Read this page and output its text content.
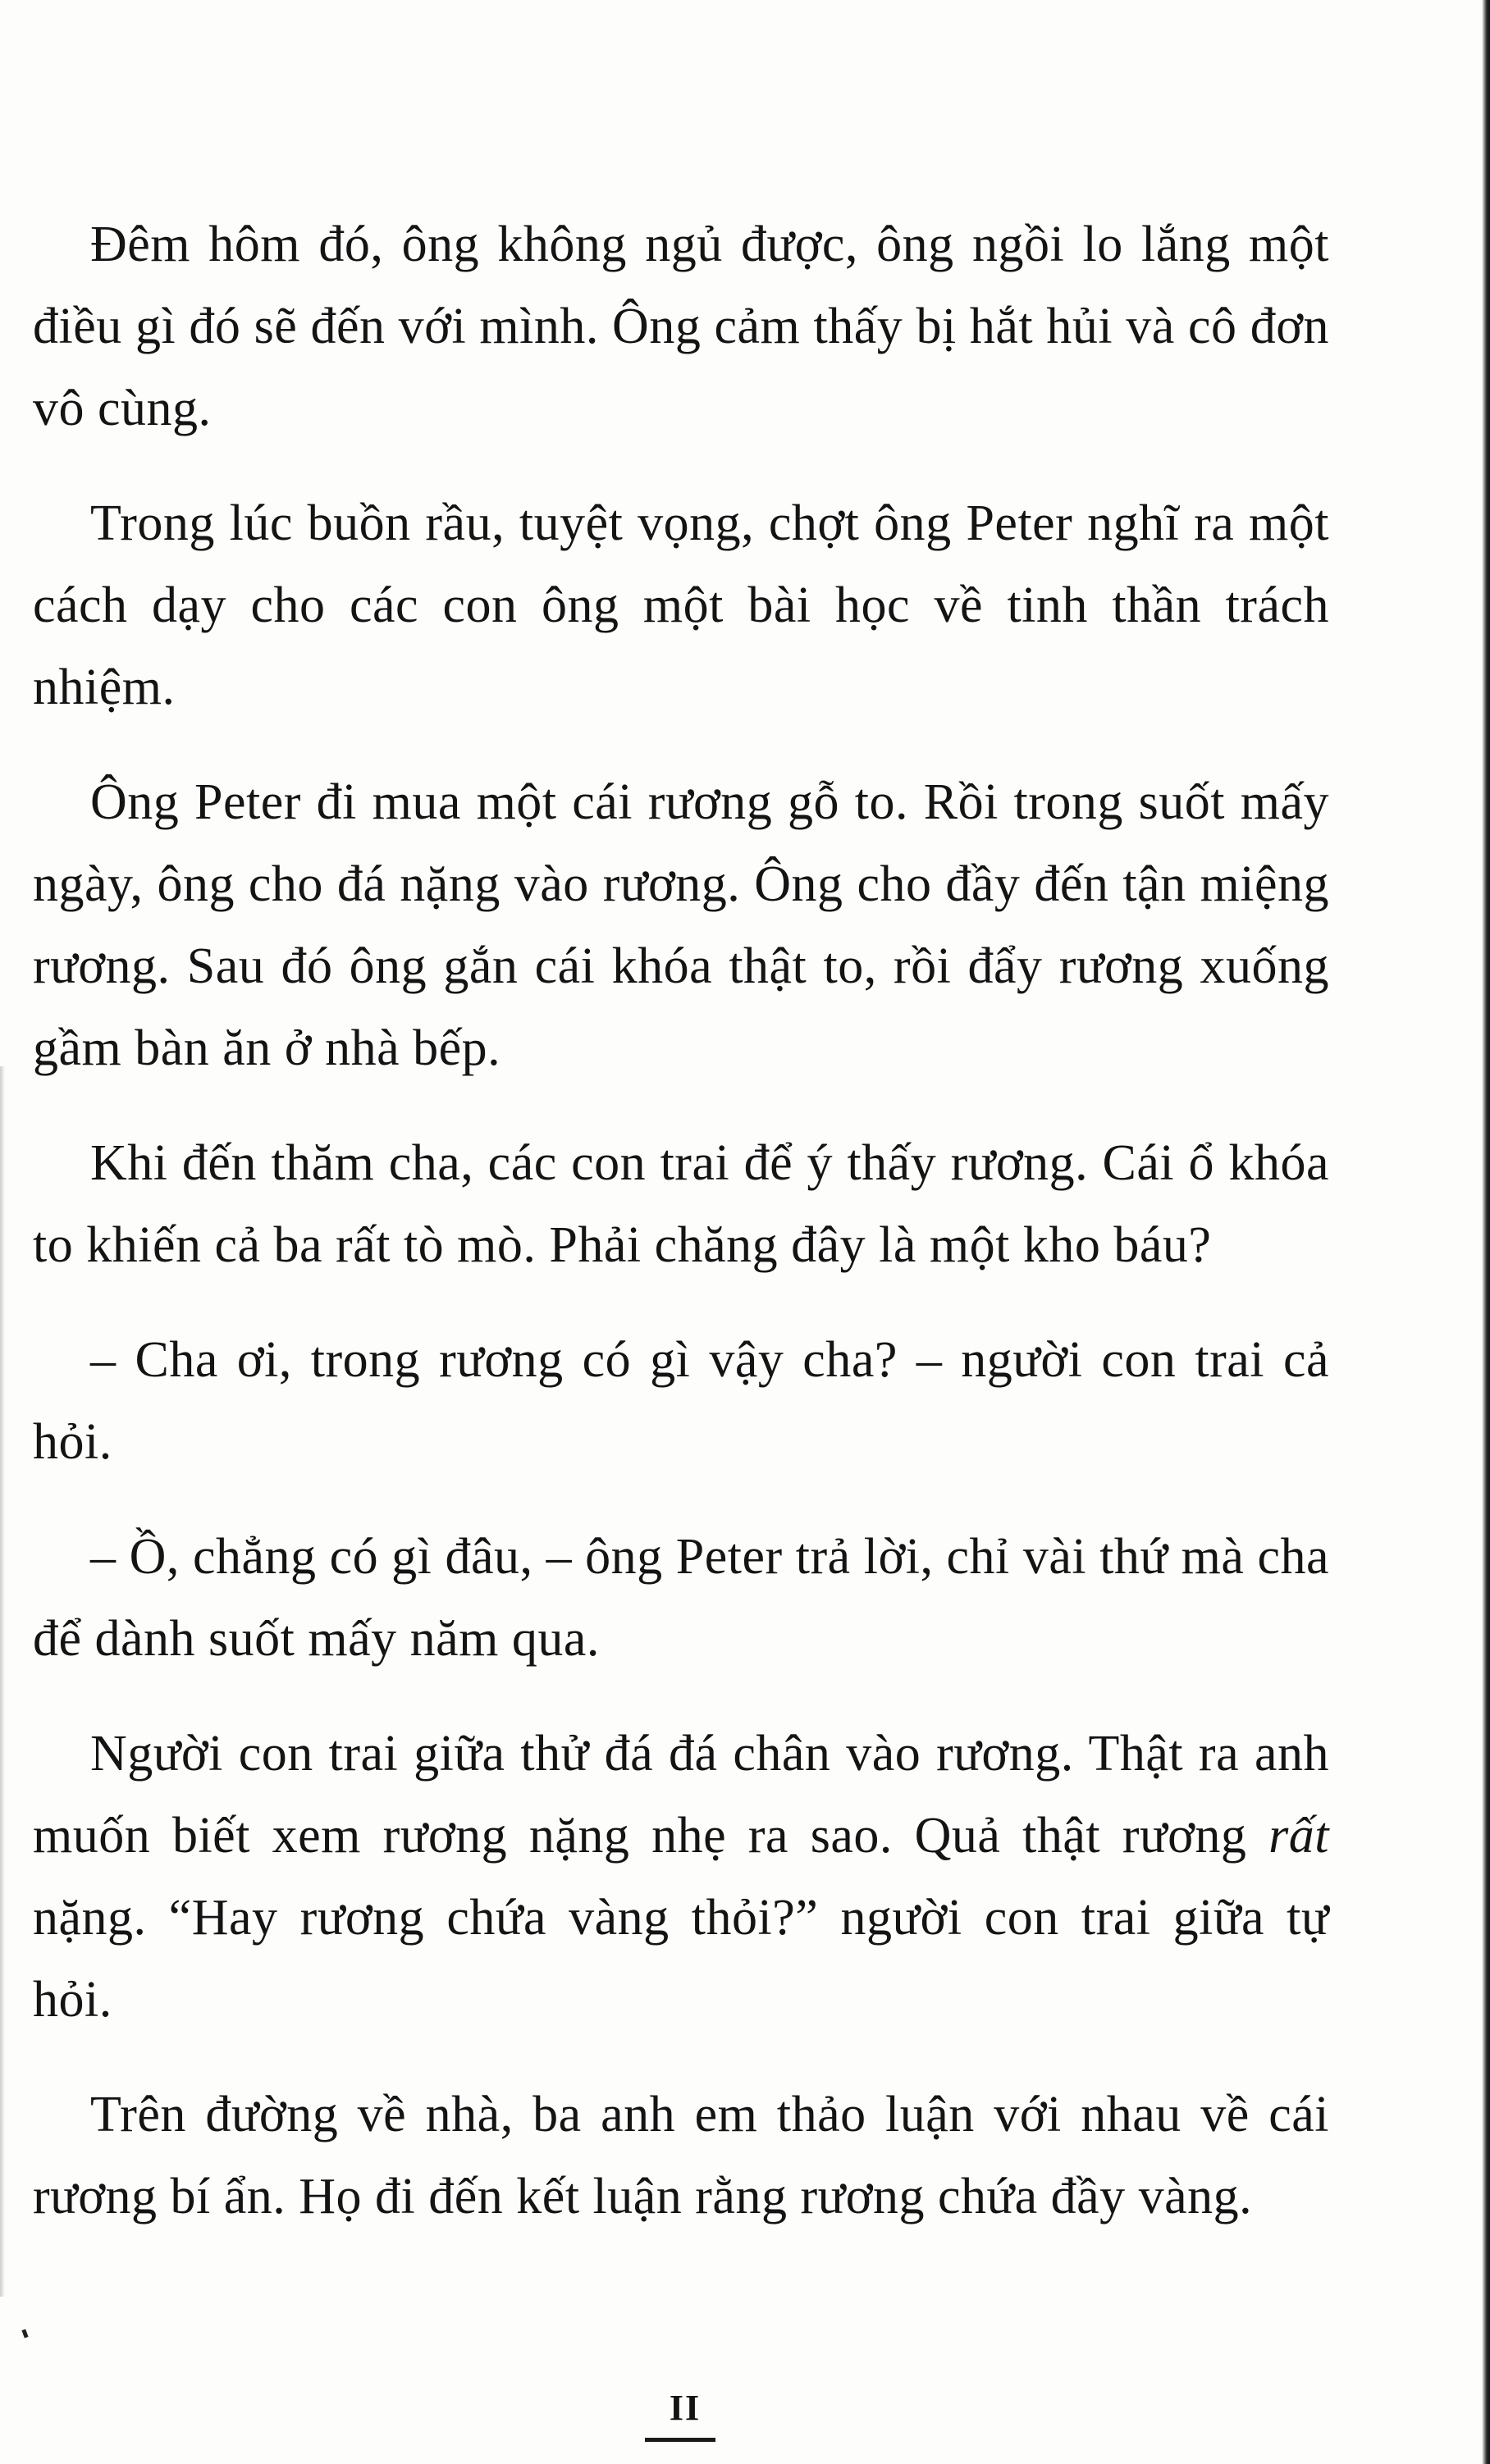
Đêm hôm đó, ông không ngủ được, ông ngồi lo lắng một điều gì đó sẽ đến với mình. Ông cảm thấy bị hắt hủi và cô đơn vô cùng.

Trong lúc buồn rầu, tuyệt vọng, chợt ông Peter nghĩ ra một cách dạy cho các con ông một bài học về tinh thần trách nhiệm.

Ông Peter đi mua một cái rương gỗ to. Rồi trong suốt mấy ngày, ông cho đá nặng vào rương. Ông cho đầy đến tận miệng rương. Sau đó ông gắn cái khóa thật to, rồi đẩy rương xuống gầm bàn ăn ở nhà bếp.

Khi đến thăm cha, các con trai để ý thấy rương. Cái ổ khóa to khiến cả ba rất tò mò. Phải chăng đây là một kho báu?

– Cha ơi, trong rương có gì vậy cha? – người con trai cả hỏi.

– Ồ, chẳng có gì đâu, – ông Peter trả lời, chỉ vài thứ mà cha để dành suốt mấy năm qua.

Người con trai giữa thử đá đá chân vào rương. Thật ra anh muốn biết xem rương nặng nhẹ ra sao. Quả thật rương rất nặng. “Hay rương chứa vàng thỏi?” người con trai giữa tự hỏi.

Trên đường về nhà, ba anh em thảo luận với nhau về cái rương bí ẩn. Họ đi đến kết luận rằng rương chứa đầy vàng.

II
